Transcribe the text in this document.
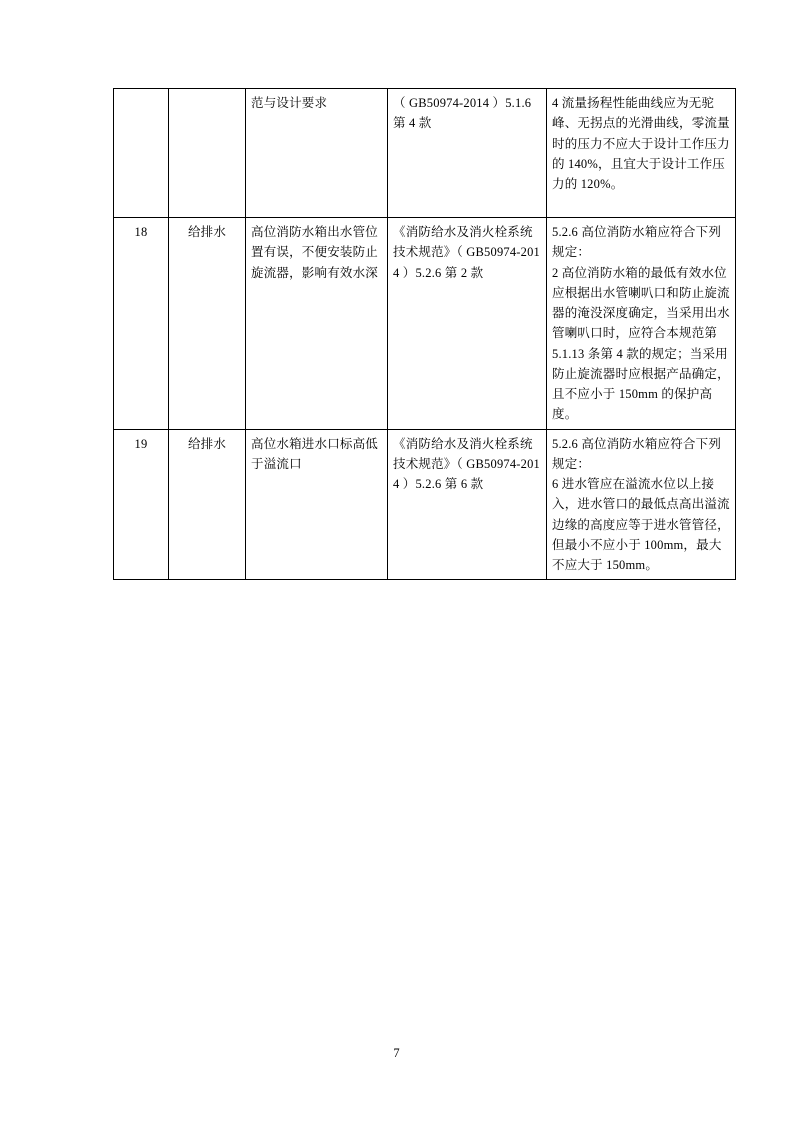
		范与设计要求	（ GB50974-2014 ）5.1.6 第 4 款	4 流量扬程性能曲线应为无驼峰、无拐点的光滑曲线，零流量时的压力不应大于设计工作压力的 140%，且宜大于设计工作压力的 120%。
18	给排水	高位消防水箱出水管位置有误，不便安装防止旋流器，影响有效水深	《消防给水及消火栓系统技术规范》（ GB50974-2014 ）5.2.6 第 2 款	5.2.6 高位消防水箱应符合下列规定：
2 高位消防水箱的最低有效水位应根据出水管喇叭口和防止旋流器的淹没深度确定，当采用出水管喇叭口时，应符合本规范第 5.1.13 条第 4 款的规定；当采用防止旋流器时应根据产品确定，且不应小于 150mm 的保护高度。
19	给排水	高位水箱进水口标高低于溢流口	《消防给水及消火栓系统技术规范》（ GB50974-2014 ）5.2.6 第 6 款	5.2.6 高位消防水箱应符合下列规定：
6 进水管应在溢流水位以上接入，进水管口的最低点高出溢流边缘的高度应等于进水管管径，但最小不应小于 100mm，最大不应大于 150mm。
7
